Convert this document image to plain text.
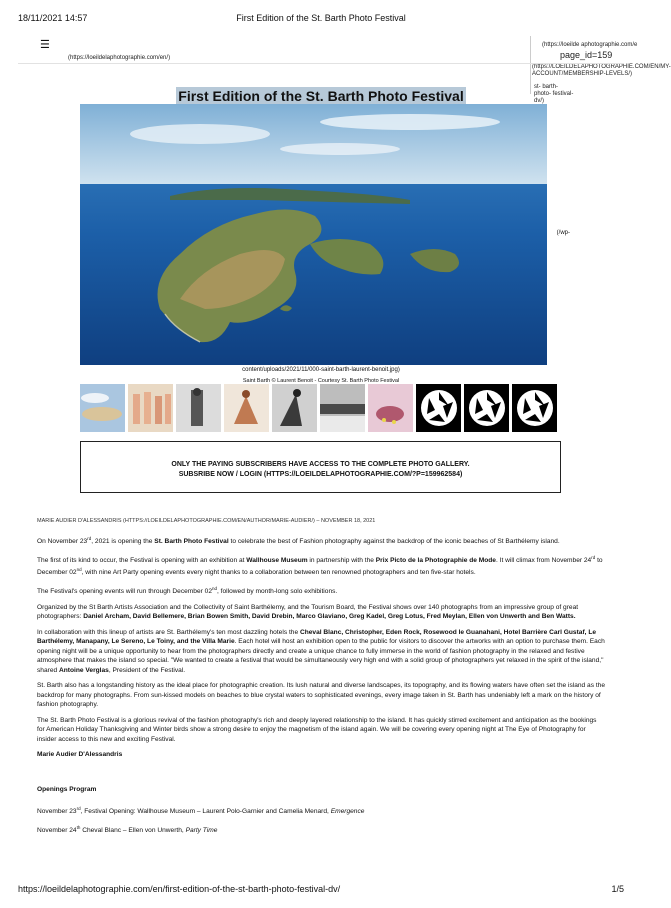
18/11/2021 14:57	First Edition of the St. Barth Photo Festival
☰
(https://loeildelaphotographie.com/en/)
(https://loeilde aphotographie.com/e
page_id=159
(https://LOEILDELAPHOTOGRAPHIE.COM/EN/MY-ACCOUNT/MEMBERSHIP-LEVELS/)
st- barth- photo- festival- dv/)
(/wp-
First Edition of the St. Barth Photo Festival
content/uploads/2021/11/000-saint-barth-laurent-benoit.jpg)
Saint Barth © Laurent Benoit - Courtesy St. Barth Photo Festival
ONLY THE PAYING SUBSCRIBERS HAVE ACCESS TO THE COMPLETE PHOTO GALLERY.
SUBSRIBE NOW / LOGIN (HTTPS://LOEILDELAPHOTOGRAPHIE.COM/?P=159962584)
MARIE AUDIER D'ALESSANDRIS (HTTPS://LOEILDELAPHOTOGRAPHIE.COM/EN/AUTHOR/MARIE-AUDIER/) – NOVEMBER 18, 2021

On November 23rd, 2021 is opening the St. Barth Photo Festival to celebrate the best of Fashion photography against the backdrop of the iconic beaches of St Barthélemy island.

The first of its kind to occur, the Festival is opening with an exhibition at Wallhouse Museum in partnership with the Prix Picto de la Photographie de Mode. It will climax from November 24rd to December 02nd, with nine Art Party opening events every night thanks to a collaboration between ten renowned photographers and ten five-star hotels.

The Festival's opening events will run through December 02nd, followed by month-long solo exhibitions.

Organized by the St Barth Artists Association and the Collectivity of Saint Barthélemy, and the Tourism Board, the Festival shows over 140 photographs from an impressive group of great photographers: Daniel Archam, David Bellemere, Brian Bowen Smith, David Drebin, Marco Glaviano, Greg Kadel, Greg Lotus, Fred Meylan, Ellen von Unwerth and Ben Watts.

In collaboration with this lineup of artists are St. Barthélemy's ten most dazzling hotels the Cheval Blanc, Christopher, Eden Rock, Rosewood le Guanahani, Hotel Barrière Carl Gustaf, Le Barthélemy, Manapany, Le Sereno, Le Toiny, and the Villa Marie. Each hotel will host an exhibition open to the public for visitors to discover the artworks with an option to purchase them. Each opening night will be a unique opportunity to hear from the photographers directly and create a unique chance to fully immerse in the world of fashion photography in the relaxed and festive atmosphere that makes the island so special. "We wanted to create a festival that would be simultaneously very high end with a solid group of photographers yet relaxed in the spirit of the island," shared Antoine Verglas, President of the Festival.

St. Barth also has a longstanding history as the ideal place for photographic creation. Its lush natural and diverse landscapes, its topography, and its flowing waters have often set the island as the backdrop for many photographs. From sun-kissed models on beaches to blue crystal waters to sophisticated evenings, every image taken in St. Barth has undeniably left a mark on the history of fashion photography.

The St. Barth Photo Festival is a glorious revival of the fashion photography's rich and deeply layered relationship to the island. It has quickly stirred excitement and anticipation as the bookings for American Holiday Thanksgiving and Winter birds show a strong desire to enjoy the magnetism of the island again. We will be covering every opening night at The Eye of Photography for insider access to this new and exciting Festival.

Marie Audier D'Alessandris

Openings Program

November 23rd, Festival Opening: Wallhouse Museum – Laurent Polo-Garnier and Camelia Menard, Emergence

November 24th Cheval Blanc – Ellen von Unwerth, Party Time

https://loeildelaphotographie.com/en/first-edition-of-the-st-barth-photo-festival-dv/	1/5
